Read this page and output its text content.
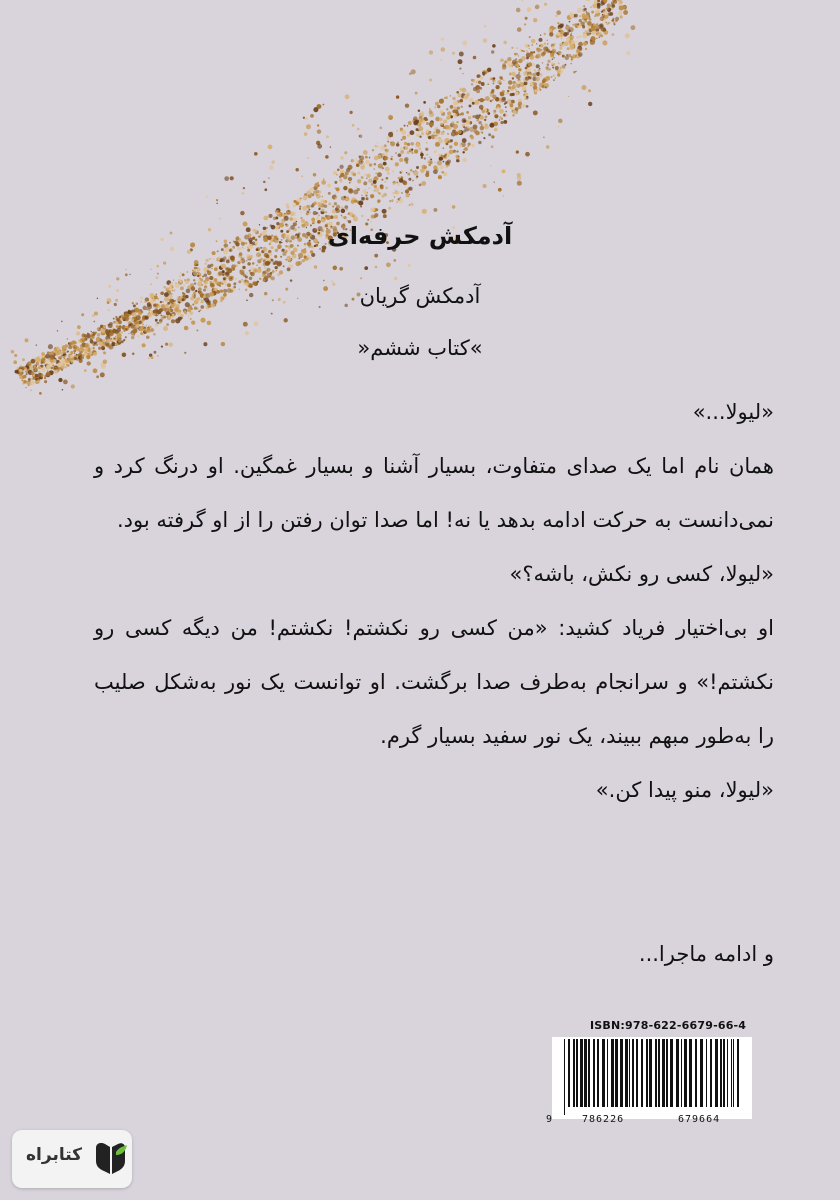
آدمکش حرفه‌ای
آدمکش گریان
»کتاب ششم«

«لیولا...»

همان نام اما یک صدای متفاوت، بسیار آشنا و بسیار غمگین. او درنگ کرد و نمی‌دانست به حرکت ادامه بدهد یا نه! اما صدا توان رفتن را از او گرفته بود.

«لیولا، کسی رو نکش، باشه؟»

او بی‌اختیار فریاد کشید: «من کسی رو نکشتم! نکشتم! من دیگه کسی رو نکشتم!» و سرانجام به‌طرف صدا برگشت. او توانست یک نور به‌شکل صلیب را به‌طور مبهم ببیند، یک نور سفید بسیار گرم.

«لیولا، منو پیدا کن.»

و ادامه ماجرا...
ISBN:978-622-6679-66-4
9	786226	679664
کتابراه
